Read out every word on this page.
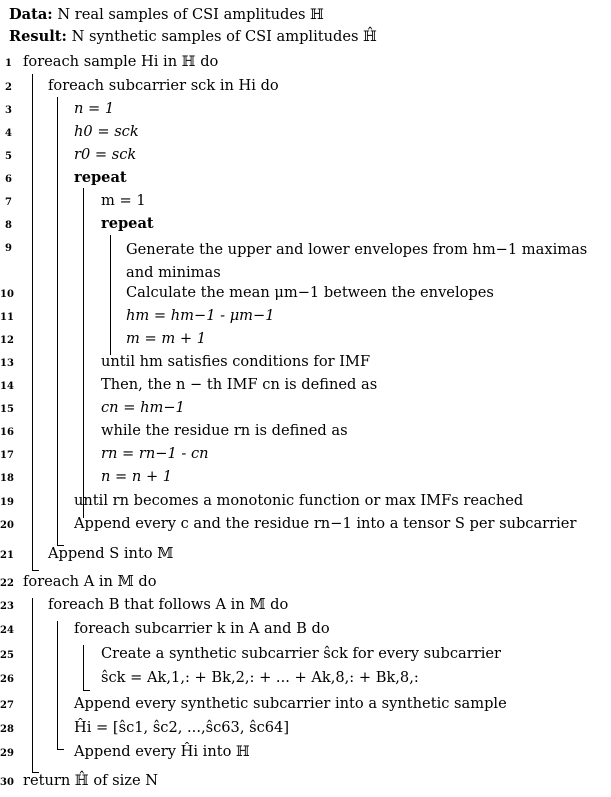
Data: N real samples of CSI amplitudes ℍ
Result: N synthetic samples of CSI amplitudes ℍ̂
1
2
3
4
5
6
7
8
9
10
11
12
13
14
15
16
17
18
19
20
21
22
23
24
25
26
27
28
29
30
foreach sample Hi in ℍ do
foreach subcarrier sck in Hi do
n = 1
h0 = sck
r0 = sck
repeat
m = 1
repeat
Generate the upper and lower envelopes from hm−1 maximas and minimas
Calculate the mean μm−1 between the envelopes
hm = hm−1 - μm−1
m = m + 1
until hm satisfies conditions for IMF
Then, the n − th IMF cn is defined as
cn = hm−1
while the residue rn is defined as
rn = rn−1 - cn
n = n + 1
until rn becomes a monotonic function or max IMFs reached
Append every c and the residue rn−1 into a tensor S per subcarrier
Append S into 𝕄
foreach A in 𝕄 do
foreach B that follows A in 𝕄 do
foreach subcarrier k in A and B do
Create a synthetic subcarrier ŝck for every subcarrier
ŝck = Ak,1,: + Bk,2,: + ... + Ak,8,: + Bk,8,:
Append every synthetic subcarrier into a synthetic sample
Ĥi = [ŝc1, ŝc2, ...,ŝc63, ŝc64]
Append every Ĥi into ℍ
return ℍ̂ of size N
